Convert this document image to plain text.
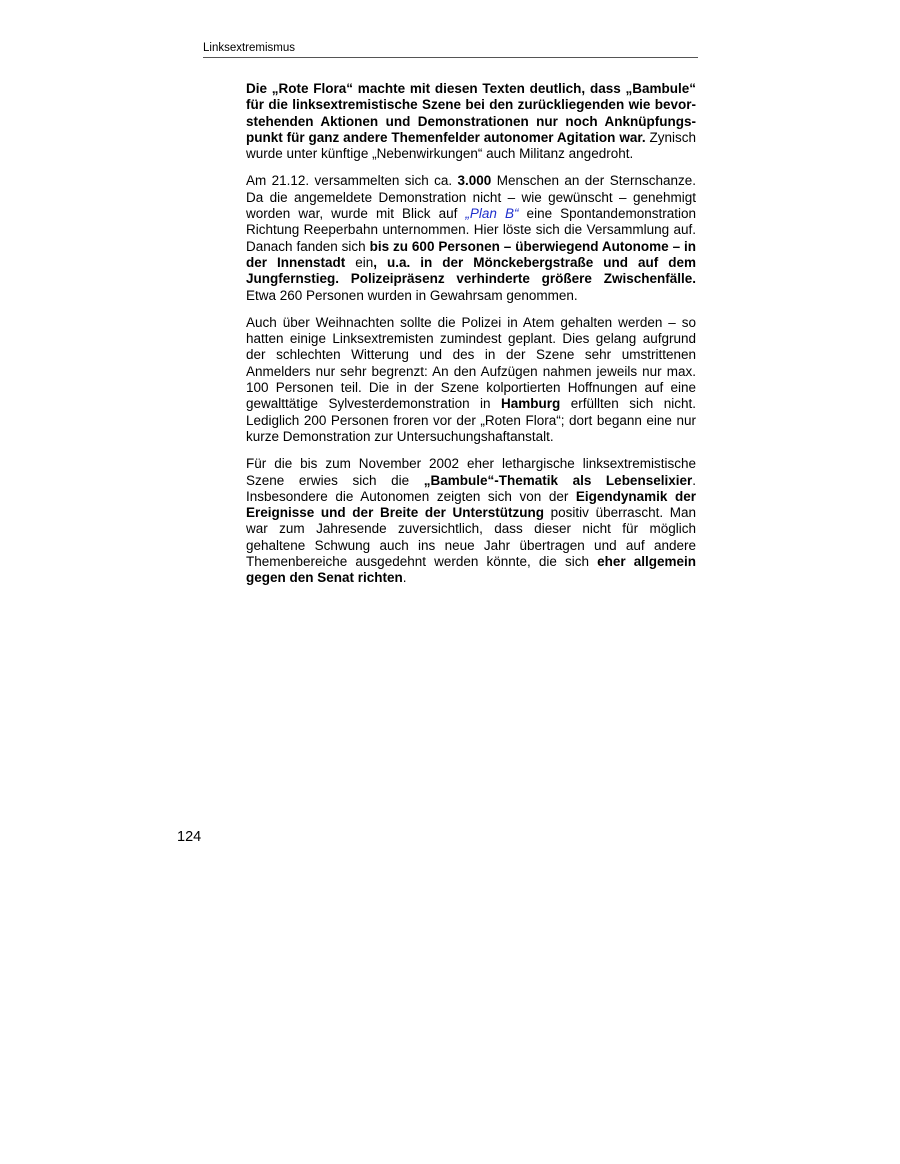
Linksextremismus

Die „Rote Flora“ machte mit diesen Texten deutlich, dass „Bambule“ für die linksextremistische Szene bei den zurückliegenden wie bevorstehenden Aktionen und Demonstrationen nur noch Anknüpfungspunkt für ganz andere Themenfelder autonomer Agitation war. Zynisch wurde unter künftige „Nebenwirkungen“ auch Militanz angedroht.

Am 21.12. versammelten sich ca. 3.000 Menschen an der Sternschanze. Da die angemeldete Demonstration nicht – wie gewünscht – genehmigt worden war, wurde mit Blick auf „Plan B“ eine Spontandemonstration Richtung Reeperbahn unternommen. Hier löste sich die Versammlung auf. Danach fanden sich bis zu 600 Personen – überwiegend Autonome – in der Innenstadt ein, u.a. in der Mönckebergstraße und auf dem Jungfernstieg. Polizeipräsenz verhinderte größere Zwischenfälle. Etwa 260 Personen wurden in Gewahrsam genommen.

Auch über Weihnachten sollte die Polizei in Atem gehalten werden – so hatten einige Linksextremisten zumindest geplant. Dies gelang aufgrund der schlechten Witterung und des in der Szene sehr umstrittenen Anmelders nur sehr begrenzt: An den Aufzügen nahmen jeweils nur max. 100 Personen teil. Die in der Szene kolportierten Hoffnungen auf eine gewalttätige Sylvesterdemonstration in Hamburg erfüllten sich nicht. Lediglich 200 Personen froren vor der „Roten Flora“; dort begann eine nur kurze Demonstration zur Untersuchungshaftanstalt.

Für die bis zum November 2002 eher lethargische linksextremistische Szene erwies sich die „Bambule“-Thematik als Lebenselixier. Insbesondere die Autonomen zeigten sich von der Eigendynamik der Ereignisse und der Breite der Unterstützung positiv überrascht. Man war zum Jahresende zuversichtlich, dass dieser nicht für möglich gehaltene Schwung auch ins neue Jahr übertragen und auf andere Themenbereiche ausgedehnt werden könnte, die sich eher allgemein gegen den Senat richten.

124
